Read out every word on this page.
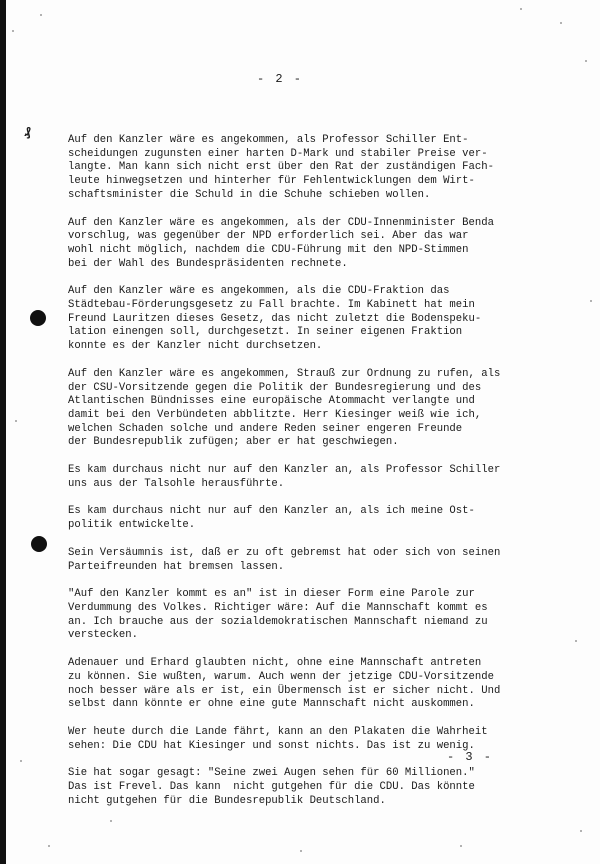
- 2 -
₰	Auf den Kanzler wäre es angekommen, als Professor Schiller Ent-
scheidungen zugunsten einer harten D-Mark und stabiler Preise ver-
langte. Man kann sich nicht erst über den Rat der zuständigen Fach-
leute hinwegsetzen und hinterher für Fehlentwicklungen dem Wirt-
schaftsminister die Schuld in die Schuhe schieben wollen.
Auf den Kanzler wäre es angekommen, als der CDU-Innenminister Benda
vorschlug, was gegenüber der NPD erforderlich sei. Aber das war
wohl nicht möglich, nachdem die CDU-Führung mit den NPD-Stimmen
bei der Wahl des Bundespräsidenten rechnete.
Auf den Kanzler wäre es angekommen, als die CDU-Fraktion das
Städtebau-Förderungsgesetz zu Fall brachte. Im Kabinett hat mein
Freund Lauritzen dieses Gesetz, das nicht zuletzt die Bodenspeku-
lation einengen soll, durchgesetzt. In seiner eigenen Fraktion
konnte es der Kanzler nicht durchsetzen.
Auf den Kanzler wäre es angekommen, Strauß zur Ordnung zu rufen, als
der CSU-Vorsitzende gegen die Politik der Bundesregierung und des
Atlantischen Bündnisses eine europäische Atommacht verlangte und
damit bei den Verbündeten abblitzte. Herr Kiesinger weiß wie ich,
welchen Schaden solche und andere Reden seiner engeren Freunde
der Bundesrepublik zufügen; aber er hat geschwiegen.
Es kam durchaus nicht nur auf den Kanzler an, als Professor Schiller
uns aus der Talsohle herausführte.
Es kam durchaus nicht nur auf den Kanzler an, als ich meine Ost-
politik entwickelte.
Sein Versäumnis ist, daß er zu oft gebremst hat oder sich von seinen
Parteifreunden hat bremsen lassen.
"Auf den Kanzler kommt es an" ist in dieser Form eine Parole zur
Verdummung des Volkes. Richtiger wäre: Auf die Mannschaft kommt es
an. Ich brauche aus der sozialdemokratischen Mannschaft niemand zu
verstecken.
Adenauer und Erhard glaubten nicht, ohne eine Mannschaft antreten
zu können. Sie wußten, warum. Auch wenn der jetzige CDU-Vorsitzende
noch besser wäre als er ist, ein Übermensch ist er sicher nicht. Und
selbst dann könnte er ohne eine gute Mannschaft nicht auskommen.
Wer heute durch die Lande fährt, kann an den Plakaten die Wahrheit
sehen: Die CDU hat Kiesinger und sonst nichts. Das ist zu wenig.
Sie hat sogar gesagt: "Seine zwei Augen sehen für 60 Millionen."
Das ist Frevel. Das kann  nicht gutgehen für die CDU. Das könnte
nicht gutgehen für die Bundesrepublik Deutschland.
- 3 -
